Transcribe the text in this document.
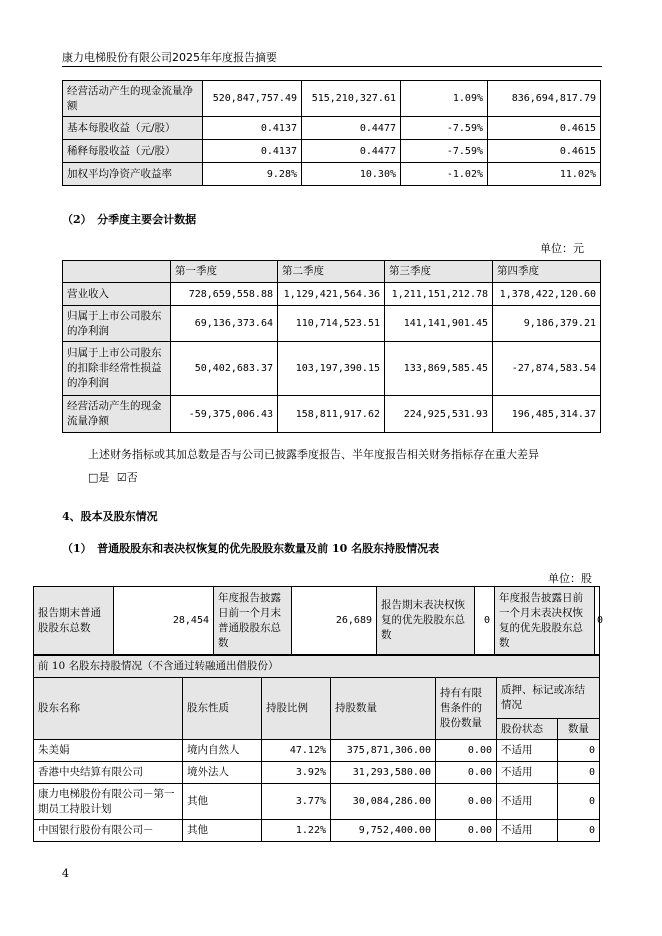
康力电梯股份有限公司2025年年度报告摘要
经营活动产生的现金流量净额	520,847,757.49	515,210,327.61	1.09%	836,694,817.79
基本每股收益（元/股）	0.4137	0.4477	-7.59%	0.4615
稀释每股收益（元/股）	0.4137	0.4477	-7.59%	0.4615
加权平均净资产收益率	9.28%	10.30%	-1.02%	11.02%
（2）　分季度主要会计数据
单位：元
	第一季度	第二季度	第三季度	第四季度
营业收入	728,659,558.88	1,129,421,564.36	1,211,151,212.78	1,378,422,120.60
归属于上市公司股东的净利润	69,136,373.64	110,714,523.51	141,141,901.45	9,186,379.21
归属于上市公司股东的扣除非经常性损益的净利润	50,402,683.37	103,197,390.15	133,869,585.45	-27,874,583.54
经营活动产生的现金流量净额	-59,375,006.43	158,811,917.62	224,925,531.93	196,485,314.37
上述财务指标或其加总数是否与公司已披露季度报告、半年度报告相关财务指标存在重大差异
□是 ☑否
4、股本及股东情况
（1）　普通股股东和表决权恢复的优先股股东数量及前 10 名股东持股情况表
单位：股
报告期末普通股股东总数	28,454	年度报告披露日前一个月末普通股股东总数	26,689	报告期末表决权恢复的优先股股东总数	0	年度报告披露日前一个月末表决权恢复的优先股股东总数	0
前 10 名股东持股情况（不含通过转融通出借股份）						
股东名称	股东性质	持股比例	持股数量	持有有限售条件的股份数量	质押、标记或冻结情况	
					股份状态	数量
朱美娟	境内自然人	47.12%	375,871,306.00	0.00	不适用	0
香港中央结算有限公司	境外法人	3.92%	31,293,580.00	0.00	不适用	0
康力电梯股份有限公司－第一期员工持股计划	其他	3.77%	30,084,286.00	0.00	不适用	0
中国银行股份有限公司－	其他	1.22%	9,752,400.00	0.00	不适用	0
4
